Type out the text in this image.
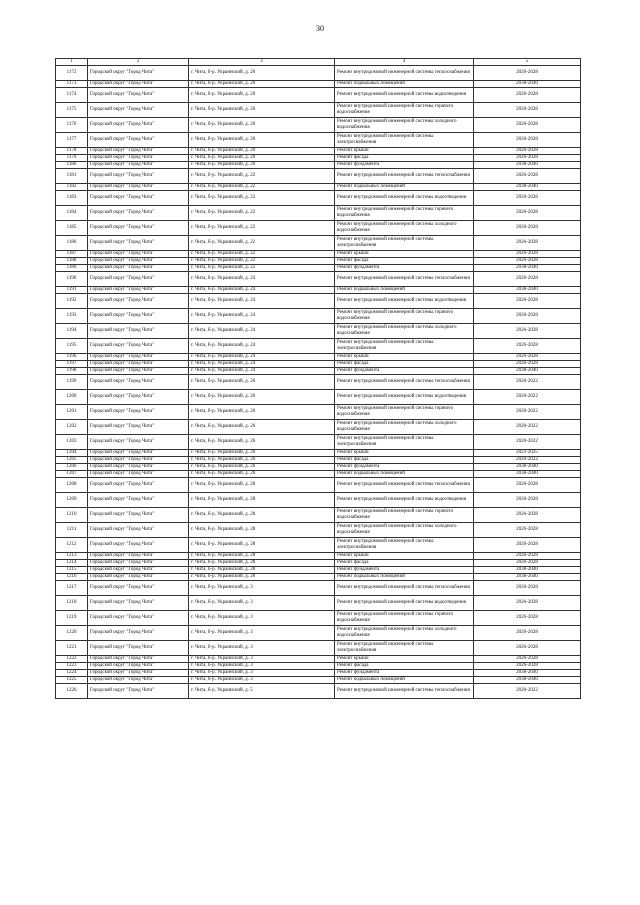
30
1	2	3	4	5
1172	Городской округ "Город Чита"	г. Чита, б-р. Украинский, д. 20	Ремонт внутридомовой инженерной системы теплоснабжения	2026-2028
1173	Городской округ "Город Чита"	г. Чита, б-р. Украинский, д. 20	Ремонт подвальных помещений	2038-2040
1174	Городской округ "Город Чита"	г. Чита, б-р. Украинский, д. 20	Ремонт внутридомовой инженерной системы водоотведения	2026-2028
1175	Городской округ "Город Чита"	г. Чита, б-р. Украинский, д. 20	Ремонт внутридомовой инженерной системы горячего водоснабжения	2026-2028
1176	Городской округ "Город Чита"	г. Чита, б-р. Украинский, д. 20	Ремонт внутридомовой инженерной системы холодного водоснабжения	2026-2028
1177	Городской округ "Город Чита"	г. Чита, б-р. Украинский, д. 20	Ремонт внутридомовой инженерной системы электроснабжения	2026-2028
1178	Городской округ "Город Чита"	г. Чита, б-р. Украинский, д. 20	Ремонт крыши	2026-2028
1179	Городской округ "Город Чита"	г. Чита, б-р. Украинский, д. 20	Ремонт фасада	2026-2028
1180	Городской округ "Город Чита"	г. Чита, б-р. Украинский, д. 20	Ремонт фундамента	2038-2040
1181	Городской округ "Город Чита"	г. Чита, б-р. Украинский, д. 22	Ремонт внутридомовой инженерной системы теплоснабжения	2026-2028
1182	Городской округ "Город Чита"	г. Чита, б-р. Украинский, д. 22	Ремонт подвальных помещений	2038-2040
1183	Городской округ "Город Чита"	г. Чита, б-р. Украинский, д. 22	Ремонт внутридомовой инженерной системы водоотведения	2026-2028
1184	Городской округ "Город Чита"	г. Чита, б-р. Украинский, д. 22	Ремонт внутридомовой инженерной системы горячего водоснабжения	2026-2028
1185	Городской округ "Город Чита"	г. Чита, б-р. Украинский, д. 22	Ремонт внутридомовой инженерной системы холодного водоснабжения	2026-2028
1186	Городской округ "Город Чита"	г. Чита, б-р. Украинский, д. 22	Ремонт внутридомовой инженерной системы электроснабжения	2026-2028
1187	Городской округ "Город Чита"	г. Чита, б-р. Украинский, д. 22	Ремонт крыши	2026-2028
1188	Городской округ "Город Чита"	г. Чита, б-р. Украинский, д. 22	Ремонт фасада	2026-2028
1189	Городской округ "Город Чита"	г. Чита, б-р. Украинский, д. 22	Ремонт фундамента	2038-2040
1190	Городской округ "Город Чита"	г. Чита, б-р. Украинский, д. 24	Ремонт внутридомовой инженерной системы теплоснабжения	2026-2028
1191	Городской округ "Город Чита"	г. Чита, б-р. Украинский, д. 24	Ремонт подвальных помещений	2038-2040
1192	Городской округ "Город Чита"	г. Чита, б-р. Украинский, д. 24	Ремонт внутридомовой инженерной системы водоотведения	2026-2028
1193	Городской округ "Город Чита"	г. Чита, б-р. Украинский, д. 24	Ремонт внутридомовой инженерной системы горячего водоснабжения	2026-2028
1194	Городской округ "Город Чита"	г. Чита, б-р. Украинский, д. 24	Ремонт внутридомовой инженерной системы холодного водоснабжения	2026-2028
1195	Городской округ "Город Чита"	г. Чита, б-р. Украинский, д. 24	Ремонт внутридомовой инженерной системы электроснабжения	2026-2028
1196	Городской округ "Город Чита"	г. Чита, б-р. Украинский, д. 24	Ремонт крыши	2026-2028
1197	Городской округ "Город Чита"	г. Чита, б-р. Украинский, д. 24	Ремонт фасада	2026-2028
1198	Городской округ "Город Чита"	г. Чита, б-р. Украинский, д. 24	Ремонт фундамента	2038-2040
1199	Городской округ "Город Чита"	г. Чита, б-р. Украинский, д. 26	Ремонт внутридомовой инженерной системы теплоснабжения	2020-2022
1200	Городской округ "Город Чита"	г. Чита, б-р. Украинский, д. 26	Ремонт внутридомовой инженерной системы водоотведения	2020-2022
1201	Городской округ "Город Чита"	г. Чита, б-р. Украинский, д. 26	Ремонт внутридомовой инженерной системы горячего водоснабжения	2020-2022
1202	Городской округ "Город Чита"	г. Чита, б-р. Украинский, д. 26	Ремонт внутридомовой инженерной системы холодного водоснабжения	2020-2022
1203	Городской округ "Город Чита"	г. Чита, б-р. Украинский, д. 26	Ремонт внутридомовой инженерной системы электроснабжения	2020-2022
1204	Городской округ "Город Чита"	г. Чита, б-р. Украинский, д. 26	Ремонт крыши	2023-2025
1205	Городской округ "Город Чита"	г. Чита, б-р. Украинский, д. 26	Ремонт фасада	2020-2022
1206	Городской округ "Город Чита"	г. Чита, б-р. Украинский, д. 26	Ремонт фундамента	2038-2040
1207	Городской округ "Город Чита"	г. Чита, б-р. Украинский, д. 26	Ремонт подвальных помещений	2038-2040
1208	Городской округ "Город Чита"	г. Чита, б-р. Украинский, д. 28	Ремонт внутридомовой инженерной системы теплоснабжения	2026-2028
1209	Городской округ "Город Чита"	г. Чита, б-р. Украинский, д. 28	Ремонт внутридомовой инженерной системы водоотведения	2026-2028
1210	Городской округ "Город Чита"	г. Чита, б-р. Украинский, д. 28	Ремонт внутридомовой инженерной системы горячего водоснабжения	2026-2028
1211	Городской округ "Город Чита"	г. Чита, б-р. Украинский, д. 28	Ремонт внутридомовой инженерной системы холодного водоснабжения	2026-2028
1212	Городской округ "Город Чита"	г. Чита, б-р. Украинский, д. 28	Ремонт внутридомовой инженерной системы электроснабжения	2026-2028
1213	Городской округ "Город Чита"	г. Чита, б-р. Украинский, д. 28	Ремонт крыши	2026-2028
1214	Городской округ "Город Чита"	г. Чита, б-р. Украинский, д. 28	Ремонт фасада	2026-2028
1215	Городской округ "Город Чита"	г. Чита, б-р. Украинский, д. 28	Ремонт фундамента	2038-2040
1216	Городской округ "Город Чита"	г. Чита, б-р. Украинский, д. 28	Ремонт подвальных помещений	2038-2040
1217	Городской округ "Город Чита"	г. Чита, б-р. Украинский, д. 3	Ремонт внутридомовой инженерной системы теплоснабжения	2026-2028
1218	Городской округ "Город Чита"	г. Чита, б-р. Украинский, д. 3	Ремонт внутридомовой инженерной системы водоотведения	2026-2028
1219	Городской округ "Город Чита"	г. Чита, б-р. Украинский, д. 3	Ремонт внутридомовой инженерной системы горячего водоснабжения	2026-2028
1220	Городской округ "Город Чита"	г. Чита, б-р. Украинский, д. 3	Ремонт внутридомовой инженерной системы холодного водоснабжения	2026-2028
1221	Городской округ "Город Чита"	г. Чита, б-р. Украинский, д. 3	Ремонт внутридомовой инженерной системы электроснабжения	2026-2028
1222	Городской округ "Город Чита"	г. Чита, б-р. Украинский, д. 3	Ремонт крыши	2026-2028
1223	Городской округ "Город Чита"	г. Чита, б-р. Украинский, д. 3	Ремонт фасада	2026-2028
1224	Городской округ "Город Чита"	г. Чита, б-р. Украинский, д. 3	Ремонт фундамента	2038-2040
1225	Городской округ "Город Чита"	г. Чита, б-р. Украинский, д. 3	Ремонт подвальных помещений	2038-2040
1226	Городской округ "Город Чита"	г. Чита, б-р. Украинский, д. 5	Ремонт внутридомовой инженерной системы теплоснабжения	2020-2022
